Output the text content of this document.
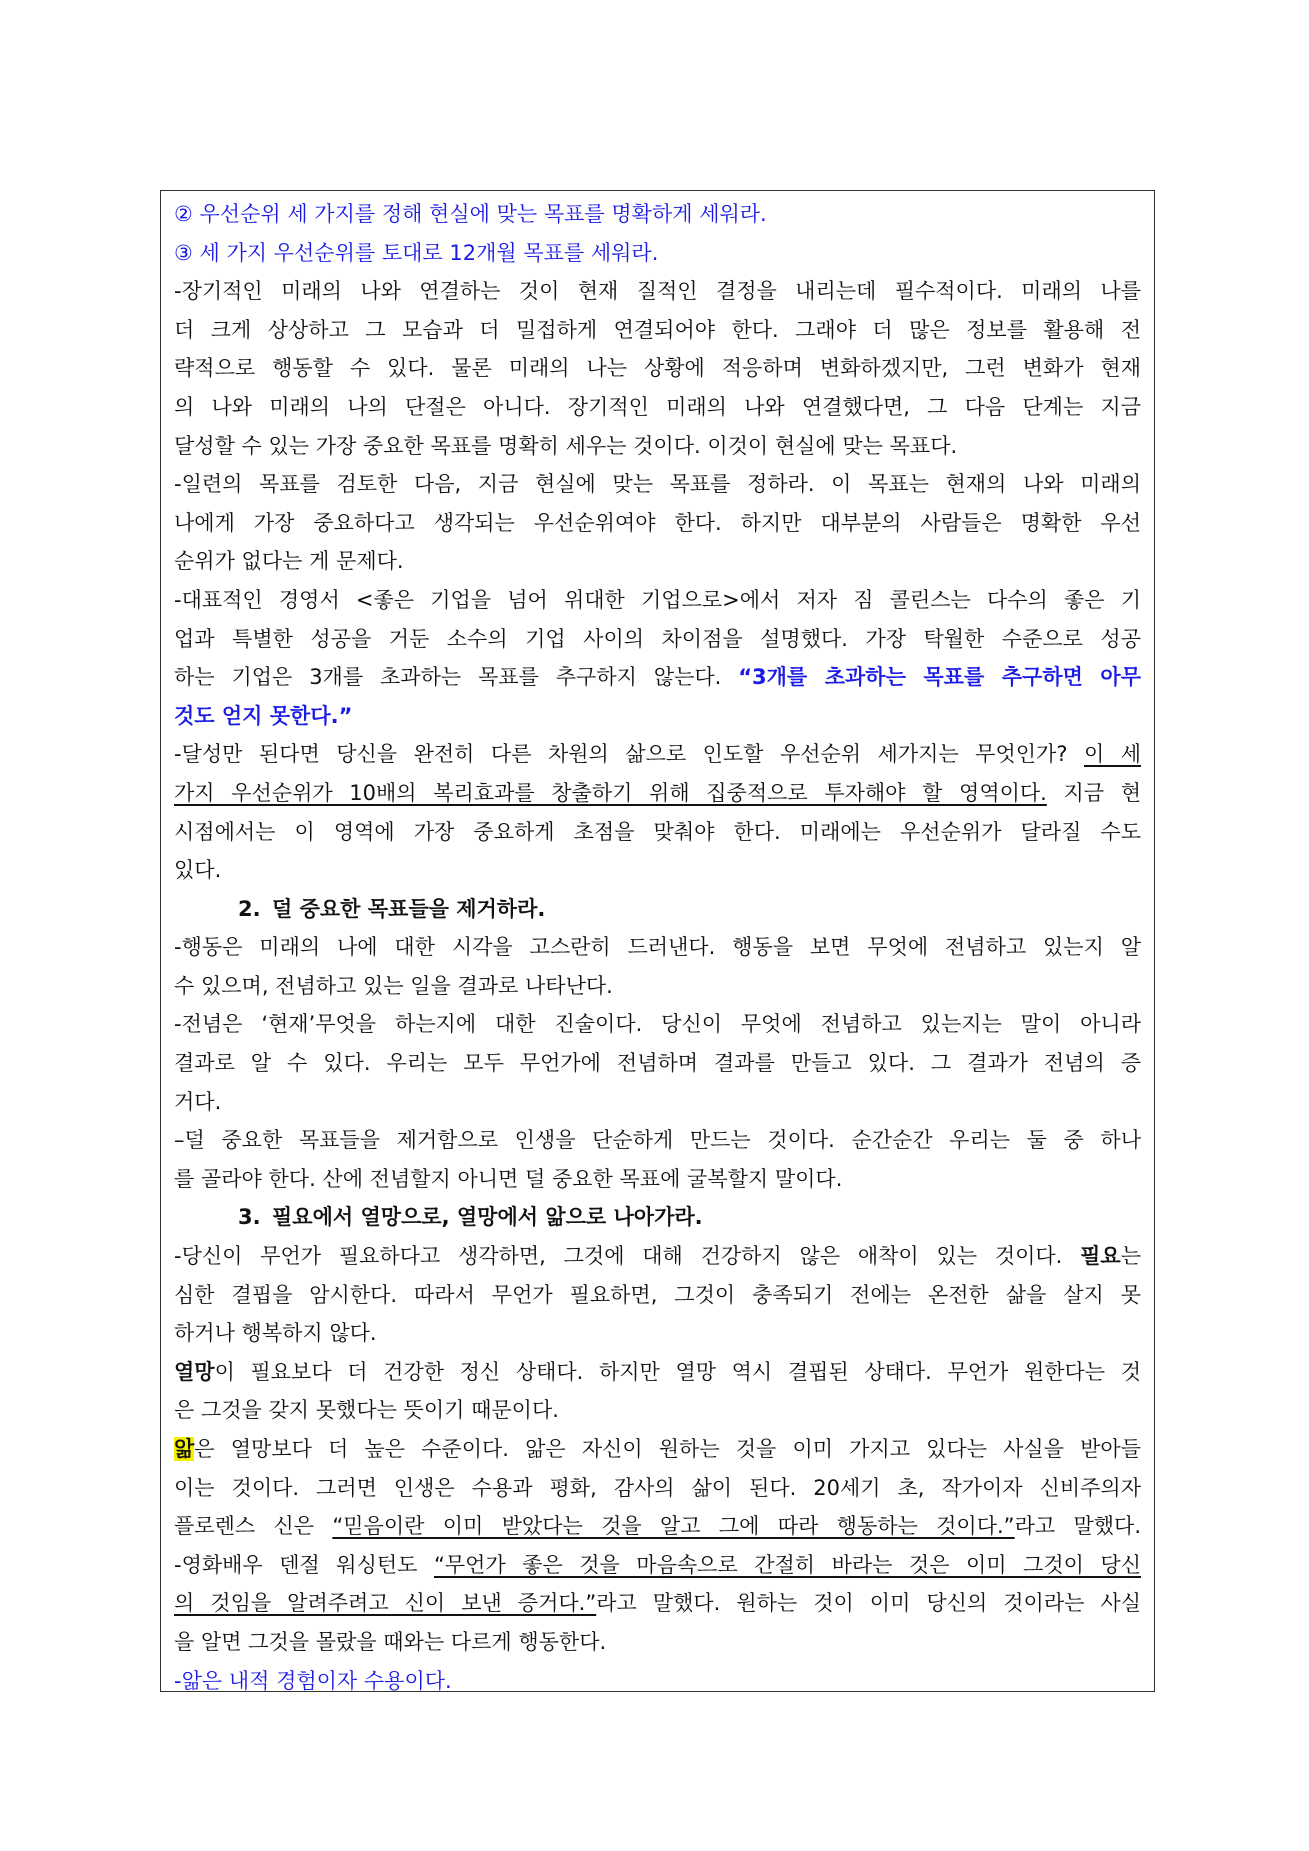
② 우선순위 세 가지를 정해 현실에 맞는 목표를 명확하게 세워라.
③ 세 가지 우선순위를 토대로 12개월 목표를 세워라.
-장기적인 미래의 나와 연결하는 것이 현재 질적인 결정을 내리는데 필수적이다. 미래의 나를
더 크게 상상하고 그 모습과 더 밀접하게 연결되어야 한다. 그래야 더 많은 정보를 활용해 전
략적으로 행동할 수 있다. 물론 미래의 나는 상황에 적응하며 변화하겠지만, 그런 변화가 현재
의 나와 미래의 나의 단절은 아니다. 장기적인 미래의 나와 연결했다면, 그 다음 단계는 지금
달성할 수 있는 가장 중요한 목표를 명확히 세우는 것이다. 이것이 현실에 맞는 목표다.
-일련의 목표를 검토한 다음, 지금 현실에 맞는 목표를 정하라. 이 목표는 현재의 나와 미래의
나에게 가장 중요하다고 생각되는 우선순위여야 한다. 하지만 대부분의 사람들은 명확한 우선
순위가 없다는 게 문제다.
-대표적인 경영서 <좋은 기업을 넘어 위대한 기업으로>에서 저자 짐 콜린스는 다수의 좋은 기
업과 특별한 성공을 거둔 소수의 기업 사이의 차이점을 설명했다. 가장 탁월한 수준으로 성공
하는 기업은 3개를 초과하는 목표를 추구하지 않는다. “3개를 초과하는 목표를 추구하면 아무
것도 얻지 못한다.”
-달성만 된다면 당신을 완전히 다른 차원의 삶으로 인도할 우선순위 세가지는 무엇인가? 이 세
가지 우선순위가 10배의 복리효과를 창출하기 위해 집중적으로 투자해야 할 영역이다. 지금 현
시점에서는 이 영역에 가장 중요하게 초점을 맞춰야 한다. 미래에는 우선순위가 달라질 수도
있다.
2. 덜 중요한 목표들을 제거하라.
-행동은 미래의 나에 대한 시각을 고스란히 드러낸다. 행동을 보면 무엇에 전념하고 있는지 알
수 있으며, 전념하고 있는 일을 결과로 나타난다.
-전념은 ‘현재’무엇을 하는지에 대한 진술이다. 당신이 무엇에 전념하고 있는지는 말이 아니라
결과로 알 수 있다. 우리는 모두 무언가에 전념하며 결과를 만들고 있다. 그 결과가 전념의 증
거다.
–덜 중요한 목표들을 제거함으로 인생을 단순하게 만드는 것이다. 순간순간 우리는 둘 중 하나
를 골라야 한다. 산에 전념할지 아니면 덜 중요한 목표에 굴복할지 말이다.
3. 필요에서 열망으로, 열망에서 앎으로 나아가라.
-당신이 무언가 필요하다고 생각하면, 그것에 대해 건강하지 않은 애착이 있는 것이다. 필요는
심한 결핍을 암시한다. 따라서 무언가 필요하면, 그것이 충족되기 전에는 온전한 삶을 살지 못
하거나 행복하지 않다.
열망이 필요보다 더 건강한 정신 상태다. 하지만 열망 역시 결핍된 상태다. 무언가 원한다는 것
은 그것을 갖지 못했다는 뜻이기 때문이다.
앎은 열망보다 더 높은 수준이다. 앎은 자신이 원하는 것을 이미 가지고 있다는 사실을 받아들
이는 것이다. 그러면 인생은 수용과 평화, 감사의 삶이 된다. 20세기 초, 작가이자 신비주의자
플로렌스 신은 “믿음이란 이미 받았다는 것을 알고 그에 따라 행동하는 것이다.”라고 말했다.
-영화배우 덴절 워싱턴도 “무언가 좋은 것을 마음속으로 간절히 바라는 것은 이미 그것이 당신
의 것임을 알려주려고 신이 보낸 증거다.”라고 말했다. 원하는 것이 이미 당신의 것이라는 사실
을 알면 그것을 몰랐을 때와는 다르게 행동한다.
-앎은 내적 경험이자 수용이다.
